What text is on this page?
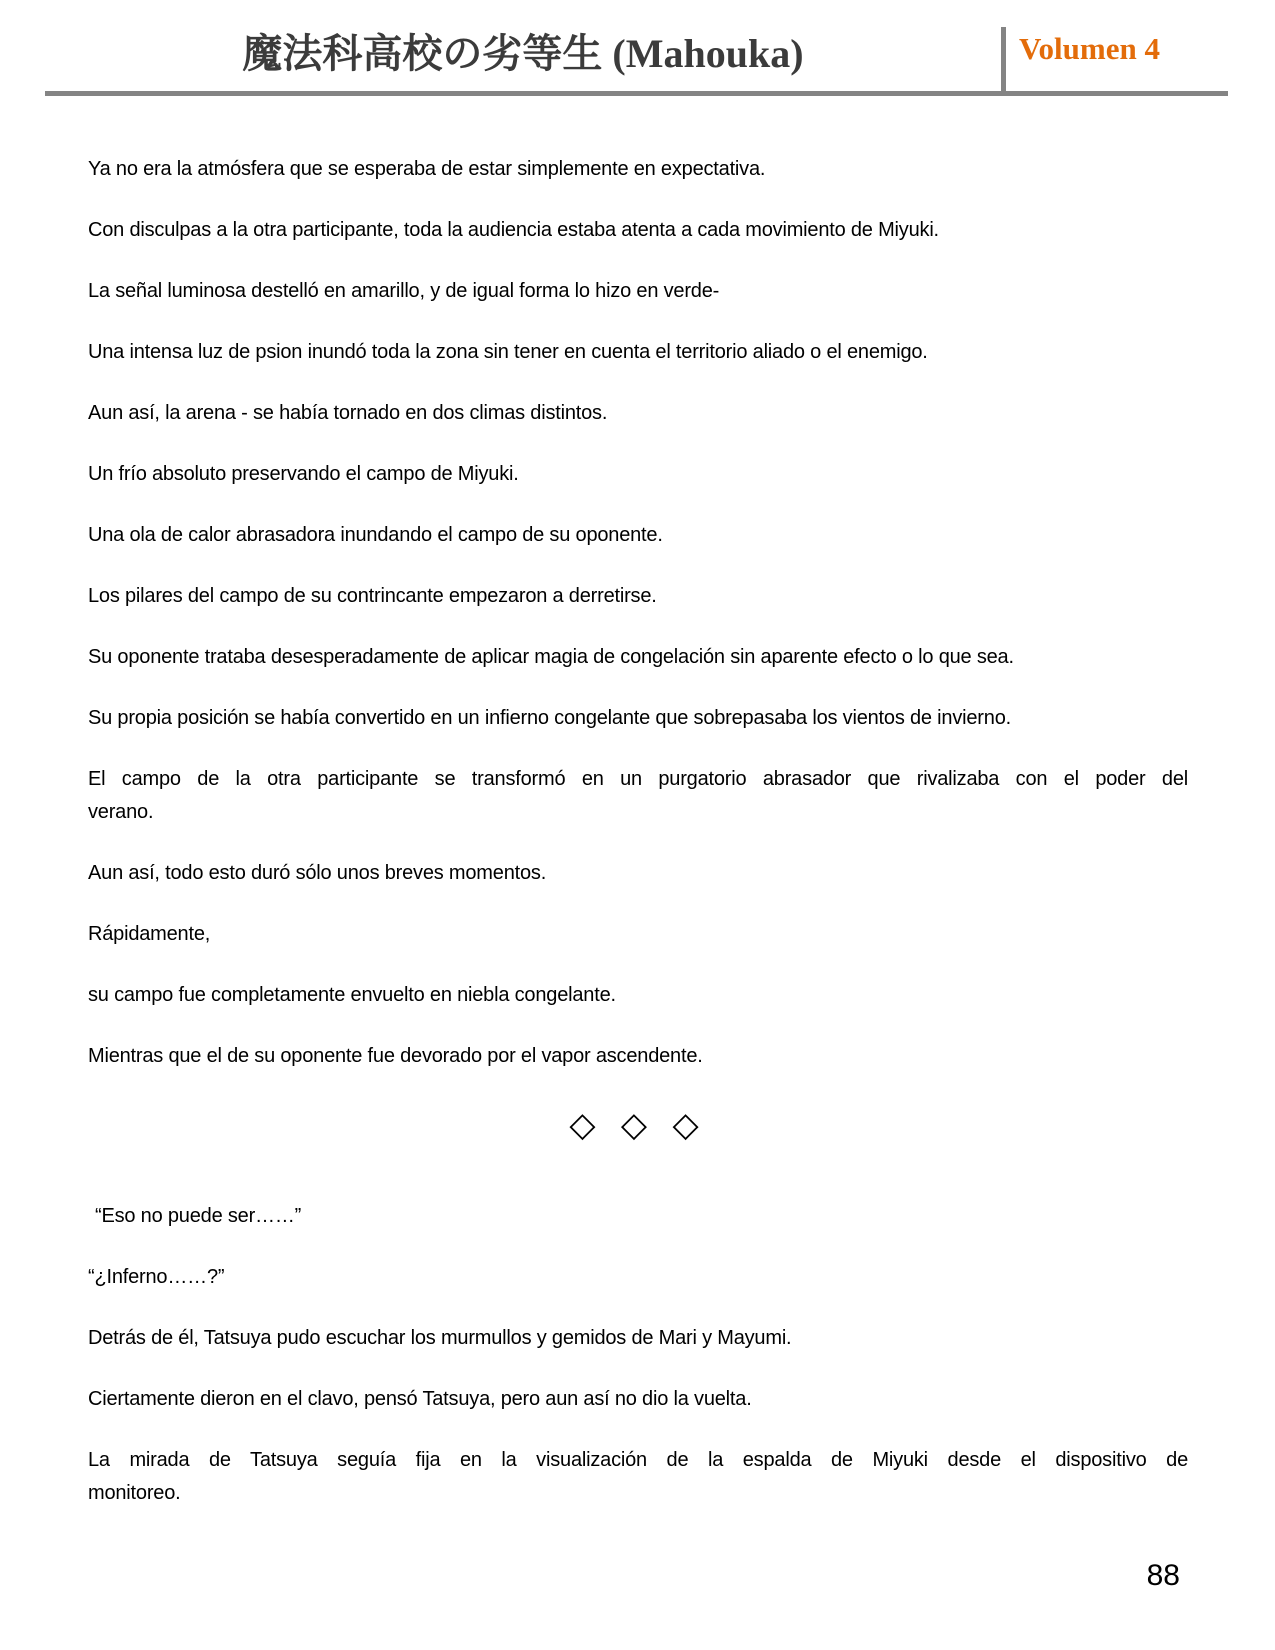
魔法科高校の劣等生 (Mahouka)	Volumen 4

Ya no era la atmósfera que se esperaba de estar simplemente en expectativa.

Con disculpas a la otra participante, toda la audiencia estaba atenta a cada movimiento de Miyuki.

La señal luminosa destelló en amarillo, y de igual forma lo hizo en verde-

Una intensa luz de psion inundó toda la zona sin tener en cuenta el territorio aliado o el enemigo.

Aun así, la arena - se había tornado en dos climas distintos.

Un frío absoluto preservando el campo de Miyuki.

Una ola de calor abrasadora inundando el campo de su oponente.

Los pilares del campo de su contrincante empezaron a derretirse.

Su oponente trataba desesperadamente de aplicar magia de congelación sin aparente efecto o lo que sea.

Su propia posición se había convertido en un infierno congelante que sobrepasaba los vientos de invierno.

El campo de la otra participante se transformó en un purgatorio abrasador que rivalizaba con el poder del
verano.

Aun así, todo esto duró sólo unos breves momentos.

Rápidamente,

su campo fue completamente envuelto en niebla congelante.

Mientras que el de su oponente fue devorado por el vapor ascendente.

◇ ◇ ◇

“Eso no puede ser……”

“¿Inferno……?”

Detrás de él, Tatsuya pudo escuchar los murmullos y gemidos de Mari y Mayumi.

Ciertamente dieron en el clavo, pensó Tatsuya, pero aun así no dio la vuelta.

La mirada de Tatsuya seguía fija en la visualización de la espalda de Miyuki desde el dispositivo de
monitoreo.

88
